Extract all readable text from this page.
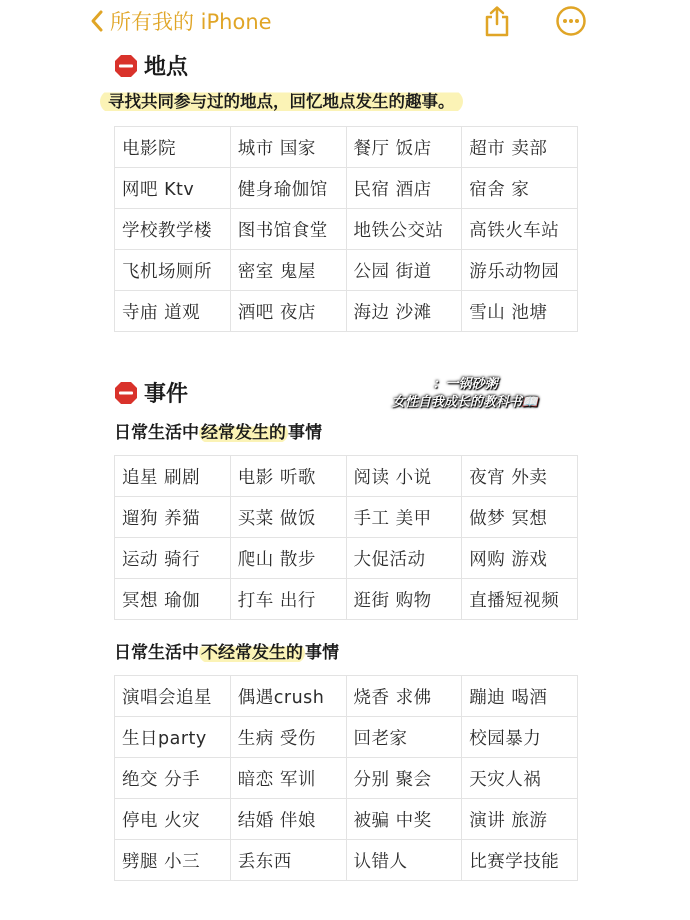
所有我的 iPhone
地点
寻找共同参与过的地点，回忆地点发生的趣事。
电影院	城市 国家	餐厅 饭店	超市 卖部
网吧 Ktv	健身瑜伽馆	民宿 酒店	宿舍 家
学校教学楼	图书馆食堂	地铁公交站	高铁火车站
飞机场厕所	密室 鬼屋	公园 街道	游乐动物园
寺庙 道观	酒吧 夜店	海边 沙滩	雪山 池塘
事件	：一锅砂粥
女性自我成长的教科书📖
日常生活中 经常发生的 事情
追星 刷剧	电影 听歌	阅读 小说	夜宵 外卖
遛狗 养猫	买菜 做饭	手工 美甲	做梦 冥想
运动 骑行	爬山 散步	大促活动	网购 游戏
冥想 瑜伽	打车 出行	逛街 购物	直播短视频
日常生活中 不经常发生的 事情
演唱会追星	偶遇crush	烧香 求佛	蹦迪 喝酒
生日party	生病 受伤	回老家	校园暴力
绝交 分手	暗恋 军训	分别 聚会	天灾人祸
停电 火灾	结婚 伴娘	被骗 中奖	演讲 旅游
劈腿 小三	丢东西	认错人	比赛学技能
